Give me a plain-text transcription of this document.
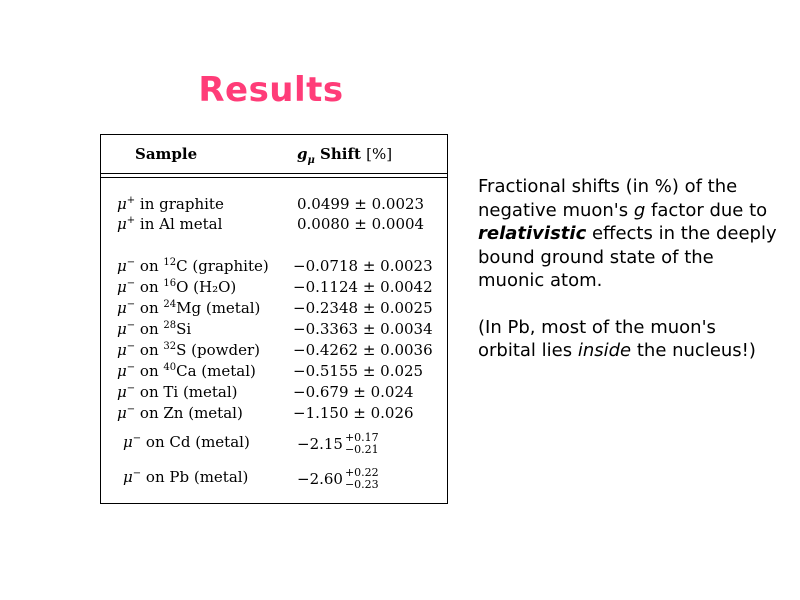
Results
Sample	$g_\mu$ Shift [%]
μ+ in graphite	0.0499 ± 0.0023
μ+ in Al metal	0.0080 ± 0.0004
μ− on $^{12}$C (graphite) −0.0718 ± 0.0023
μ− on $^{16}$O (H₂O)	−0.1124 ± 0.0042
μ− on $^{24}$Mg (metal) −0.2348 ± 0.0025
μ− on $^{28}$Si	−0.3363 ± 0.0034
μ− on $^{32}$S (powder) −0.4262 ± 0.0036
μ− on $^{40}$Ca (metal) −0.5155 ± 0.025
μ− on Ti (metal)	−0.679 ± 0.024
μ− on Zn (metal)	−1.150 ± 0.026
μ− on Cd (metal)	−2.15 +0.17
−0.21
μ− on Pb (metal)	−2.60 +0.22
−0.23

Fractional shifts (in %) of the negative muon's g factor due to relativistic effects in the deeply bound ground state of the muonic atom.

(In Pb, most of the muon's orbital lies inside the nucleus!)
